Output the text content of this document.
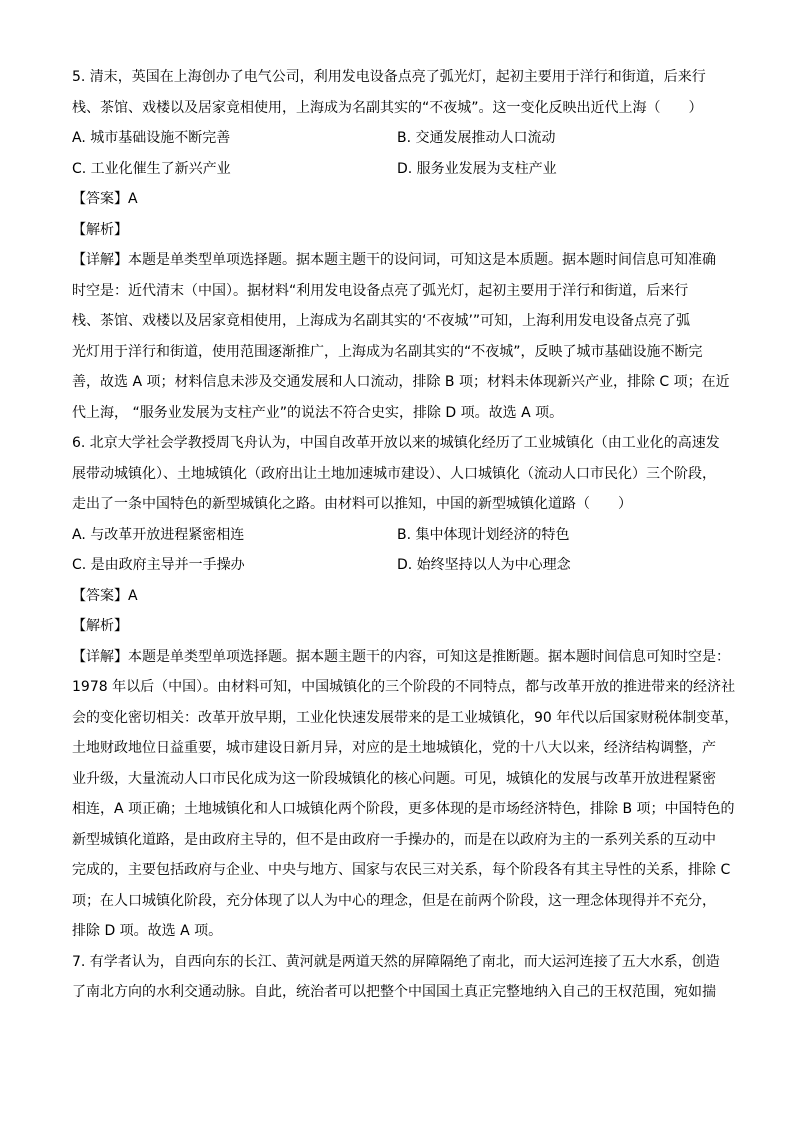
5. 清末，英国在上海创办了电气公司，利用发电设备点亮了弧光灯，起初主要用于洋行和街道，后来行

栈、茶馆、戏楼以及居家竟相使用，上海成为名副其实的“不夜城”。这一变化反映出近代上海（　　）

A. 城市基础设施不断完善	B. 交通发展推动人口流动
C. 工业化催生了新兴产业	D. 服务业发展为支柱产业

【答案】A

【解析】

【详解】本题是单类型单项选择题。据本题主题干的设问词，可知这是本质题。据本题时间信息可知准确

时空是：近代清末（中国）。据材料“利用发电设备点亮了弧光灯，起初主要用于洋行和街道，后来行

栈、茶馆、戏楼以及居家竟相使用，上海成为名副其实的‘不夜城’”可知，上海利用发电设备点亮了弧

光灯用于洋行和街道，使用范围逐渐推广，上海成为名副其实的“不夜城”，反映了城市基础设施不断完

善，故选 A 项；材料信息未涉及交通发展和人口流动，排除 B 项；材料未体现新兴产业，排除 C 项；在近

代上海， “服务业发展为支柱产业”的说法不符合史实，排除 D 项。故选 A 项。

6. 北京大学社会学教授周飞舟认为，中国自改革开放以来的城镇化经历了工业城镇化（由工业化的高速发

展带动城镇化）、土地城镇化（政府出让土地加速城市建设）、人口城镇化（流动人口市民化）三个阶段，

走出了一条中国特色的新型城镇化之路。由材料可以推知，中国的新型城镇化道路（　　）

A. 与改革开放进程紧密相连	B. 集中体现计划经济的特色
C. 是由政府主导并一手操办	D. 始终坚持以人为中心理念

【答案】A

【解析】

【详解】本题是单类型单项选择题。据本题主题干的内容，可知这是推断题。据本题时间信息可知时空是：

1978 年以后（中国）。由材料可知，中国城镇化的三个阶段的不同特点，都与改革开放的推进带来的经济社

会的变化密切相关：改革开放早期，工业化快速发展带来的是工业城镇化，90 年代以后国家财税体制变革，

土地财政地位日益重要，城市建设日新月异，对应的是土地城镇化，党的十八大以来，经济结构调整，产

业升级，大量流动人口市民化成为这一阶段城镇化的核心问题。可见，城镇化的发展与改革开放进程紧密

相连，A 项正确；土地城镇化和人口城镇化两个阶段，更多体现的是市场经济特色，排除 B 项；中国特色的

新型城镇化道路，是由政府主导的，但不是由政府一手操办的，而是在以政府为主的一系列关系的互动中

完成的，主要包括政府与企业、中央与地方、国家与农民三对关系，每个阶段各有其主导性的关系，排除 C

项；在人口城镇化阶段，充分体现了以人为中心的理念，但是在前两个阶段，这一理念体现得并不充分，

排除 D 项。故选 A 项。

7. 有学者认为，自西向东的长江、黄河就是两道天然的屏障隔绝了南北，而大运河连接了五大水系，创造

了南北方向的水利交通动脉。自此，统治者可以把整个中国国土真正完整地纳入自己的王权范围，宛如揣
